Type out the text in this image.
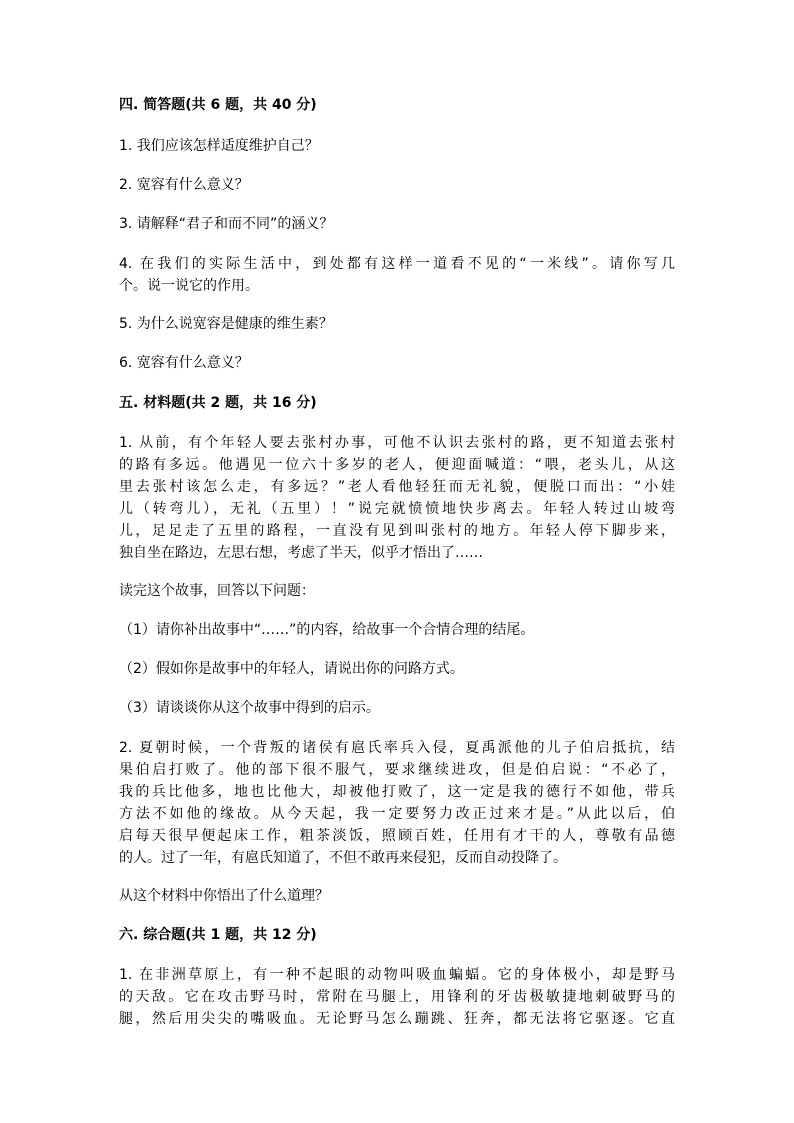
四. 简答题(共 6 题，共 40 分)
1. 我们应该怎样适度维护自己？
2. 宽容有什么意义？
3. 请解释“君子和而不同”的涵义？
4. 在我们的实际生活中，到处都有这样一道看不见的“一米线”。请你写几
个。说一说它的作用。
5. 为什么说宽容是健康的维生素？
6. 宽容有什么意义？
五. 材料题(共 2 题，共 16 分)
1. 从前，有个年轻人要去张村办事，可他不认识去张村的路，更不知道去张村
的路有多远。他遇见一位六十多岁的老人，便迎面喊道：“喂，老头儿，从这
里去张村该怎么走，有多远？”老人看他轻狂而无礼貌，便脱口而出：“小娃
儿（转弯儿），无礼（五里）！”说完就愤愤地快步离去。年轻人转过山坡弯
儿，足足走了五里的路程，一直没有见到叫张村的地方。年轻人停下脚步来，
独自坐在路边，左思右想，考虑了半天，似乎才悟出了……
读完这个故事，回答以下问题：
（1）请你补出故事中“……”的内容，给故事一个合情合理的结尾。
（2）假如你是故事中的年轻人，请说出你的问路方式。
（3）请谈谈你从这个故事中得到的启示。
2. 夏朝时候，一个背叛的诸侯有扈氏率兵入侵，夏禹派他的儿子伯启抵抗，结
果伯启打败了。他的部下很不服气，要求继续进攻，但是伯启说：“不必了，
我的兵比他多，地也比他大，却被他打败了，这一定是我的德行不如他，带兵
方法不如他的缘故。从今天起，我一定要努力改正过来才是。”从此以后，伯
启每天很早便起床工作，粗茶淡饭，照顾百姓，任用有才干的人，尊敬有品德
的人。过了一年，有扈氏知道了，不但不敢再来侵犯，反而自动投降了。
从这个材料中你悟出了什么道理？
六. 综合题(共 1 题，共 12 分)
1. 在非洲草原上，有一种不起眼的动物叫吸血蝙蝠。它的身体极小，却是野马
的天敌。它在攻击野马时，常附在马腿上，用锋利的牙齿极敏捷地刺破野马的
腿，然后用尖尖的嘴吸血。无论野马怎么蹦跳、狂奔，都无法将它驱逐。它直
